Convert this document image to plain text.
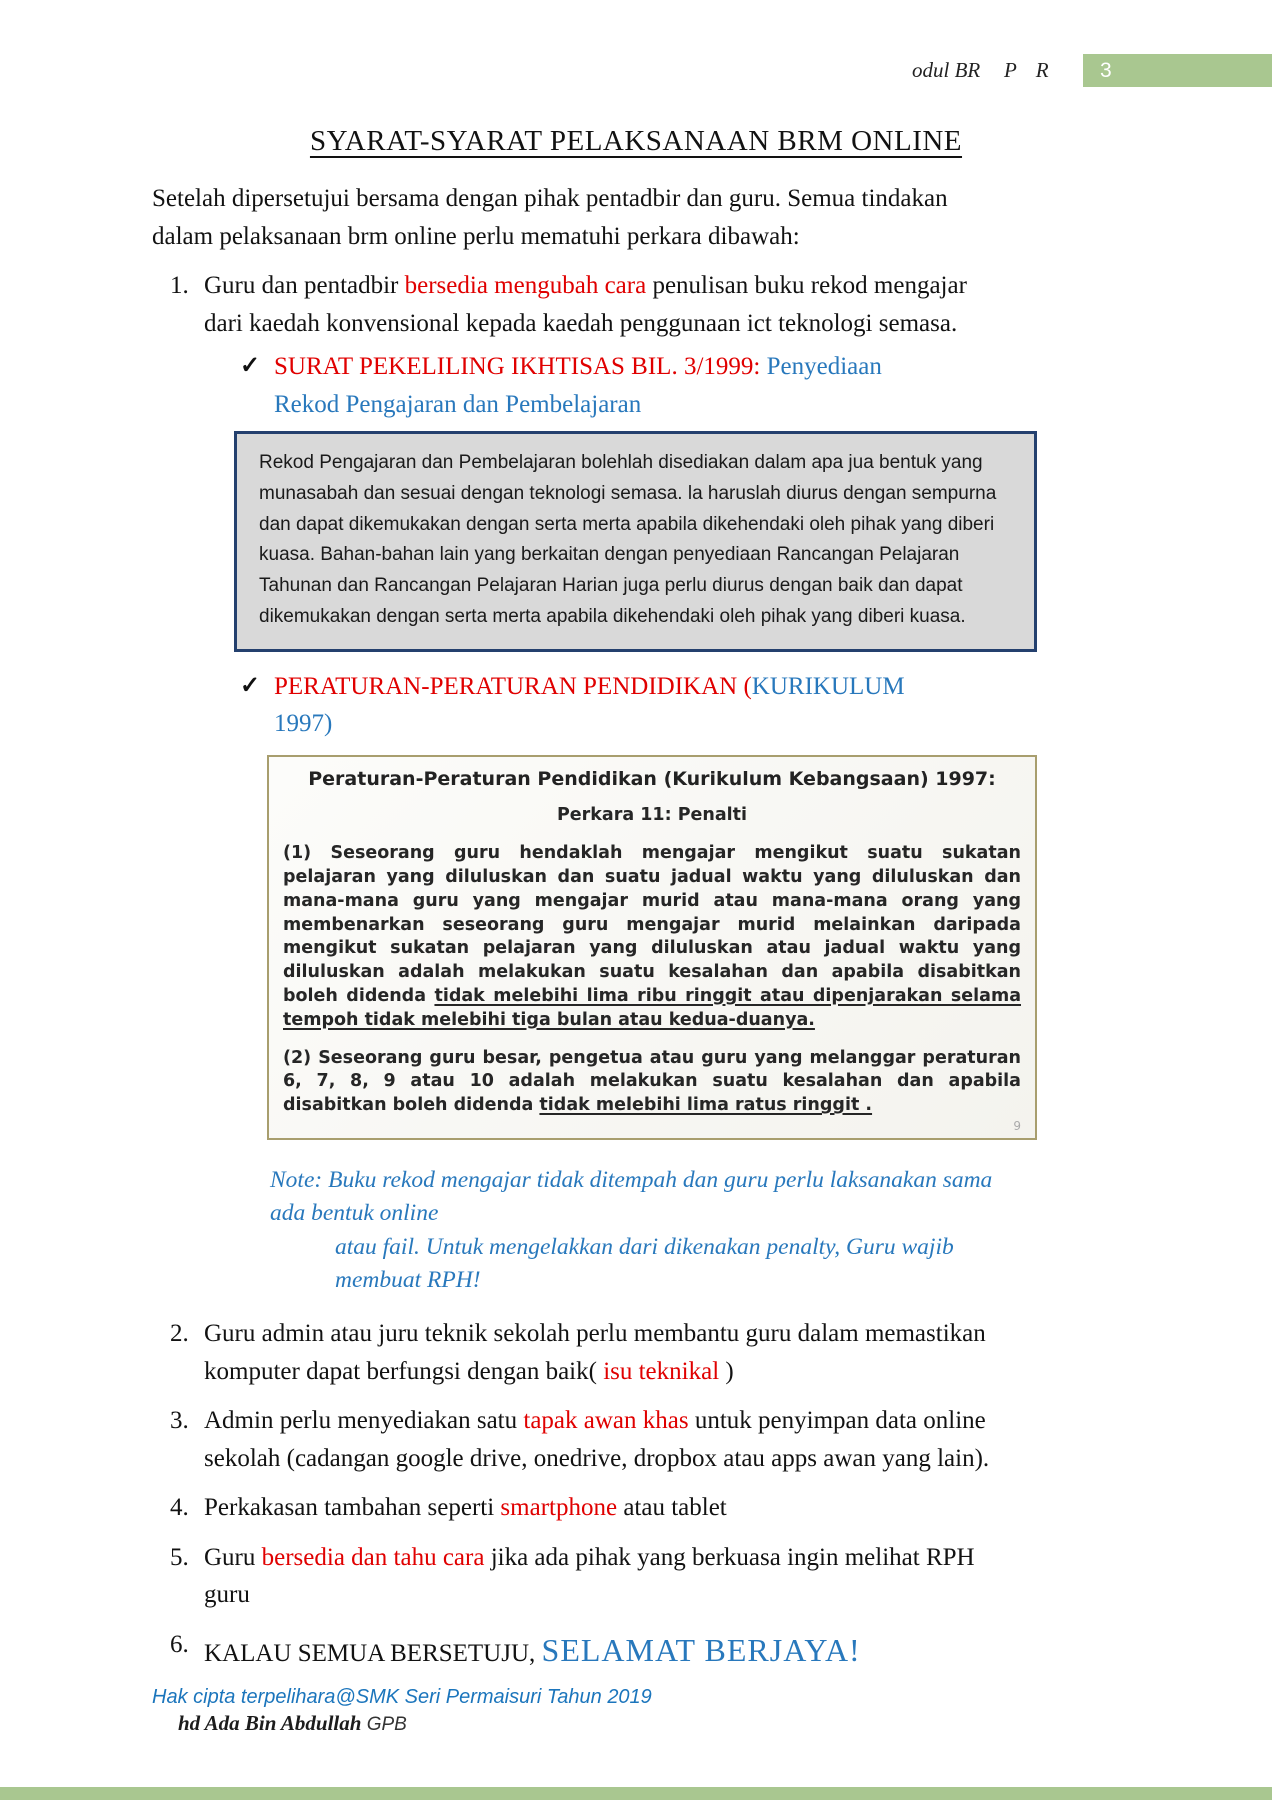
odul BR P R	3
SYARAT-SYARAT PELAKSANAAN BRM ONLINE
Setelah dipersetujui bersama dengan pihak pentadbir dan guru. Semua tindakan dalam pelaksanaan brm online perlu mematuhi perkara dibawah:
1. Guru dan pentadbir bersedia mengubah cara penulisan buku rekod mengajar dari kaedah konvensional kepada kaedah penggunaan ict teknologi semasa.
✓ SURAT PEKELILING IKHTISAS BIL. 3/1999: Penyediaan Rekod Pengajaran dan Pembelajaran
Rekod Pengajaran dan Pembelajaran bolehlah disediakan dalam apa jua bentuk yang munasabah dan sesuai dengan teknologi semasa. la haruslah diurus dengan sempurna dan dapat dikemukakan dengan serta merta apabila dikehendaki oleh pihak yang diberi kuasa. Bahan-bahan lain yang berkaitan dengan penyediaan Rancangan Pelajaran Tahunan dan Rancangan Pelajaran Harian juga perlu diurus dengan baik dan dapat dikemukakan dengan serta merta apabila dikehendaki oleh pihak yang diberi kuasa.
✓ PERATURAN-PERATURAN PENDIDIKAN (KURIKULUM 1997)
Peraturan-Peraturan Pendidikan (Kurikulum Kebangsaan) 1997:
Perkara 11: Penalti
(1) Seseorang guru hendaklah mengajar mengikut suatu sukatan pelajaran yang diluluskan dan suatu jadual waktu yang diluluskan dan mana-mana guru yang mengajar murid atau mana-mana orang yang membenarkan seseorang guru mengajar murid melainkan daripada mengikut sukatan pelajaran yang diluluskan atau jadual waktu yang diluluskan adalah melakukan suatu kesalahan dan apabila disabitkan boleh didenda tidak melebihi lima ribu ringgit atau dipenjarakan selama tempoh tidak melebihi tiga bulan atau kedua-duanya.
(2) Seseorang guru besar, pengetua atau guru yang melanggar peraturan 6, 7, 8, 9 atau 10 adalah melakukan suatu kesalahan dan apabila disabitkan boleh didenda tidak melebihi lima ratus ringgit .
9
Note: Buku rekod mengajar tidak ditempah dan guru perlu laksanakan sama ada bentuk online
atau fail. Untuk mengelakkan dari dikenakan penalty, Guru wajib membuat RPH!
2. Guru admin atau juru teknik sekolah perlu membantu guru dalam memastikan komputer dapat berfungsi dengan baik( isu teknikal )
3. Admin perlu menyediakan satu tapak awan khas untuk penyimpan data online sekolah (cadangan google drive, onedrive, dropbox atau apps awan yang lain).
4. Perkakasan tambahan seperti smartphone atau tablet
5. Guru bersedia dan tahu cara jika ada pihak yang berkuasa ingin melihat RPH guru
6. KALAU SEMUA BERSETUJU, SELAMAT BERJAYA!
Hak cipta terpelihara@SMK Seri Permaisuri Tahun 2019
hd Ada Bin Abdullah GPB
